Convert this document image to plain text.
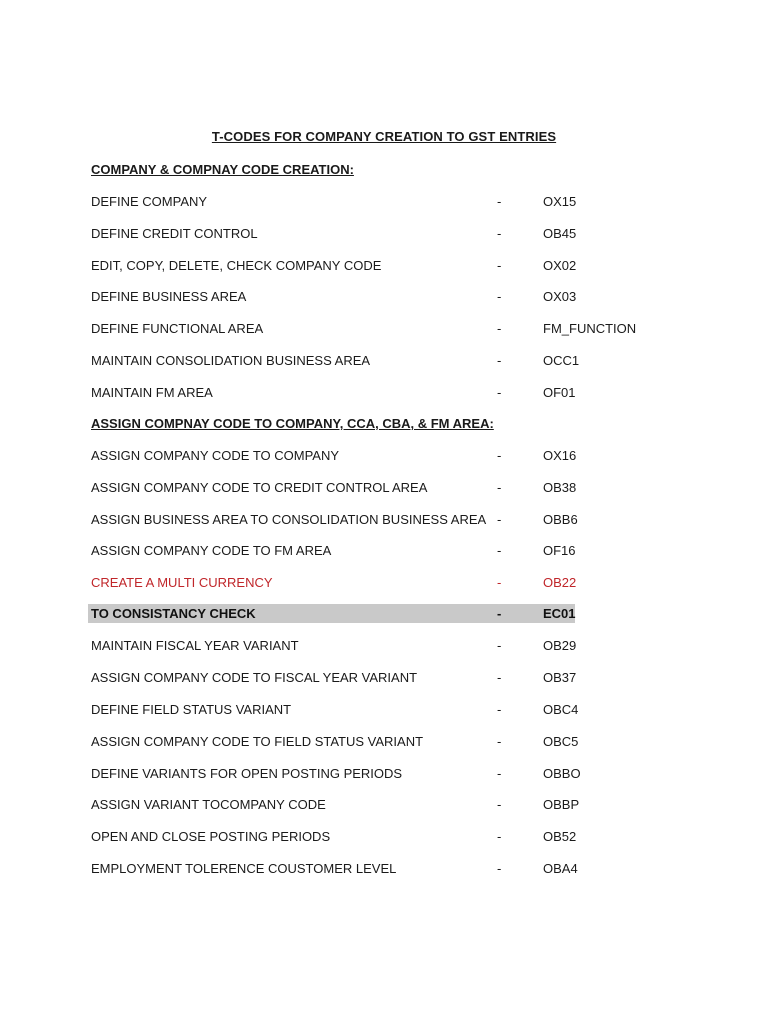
T-CODES FOR COMPANY CREATION TO GST ENTRIES
COMPANY & COMPNAY CODE CREATION:
DEFINE COMPANY	-	OX15
DEFINE CREDIT CONTROL	-	OB45
EDIT, COPY, DELETE, CHECK COMPANY CODE	-	OX02
DEFINE BUSINESS AREA	-	OX03
DEFINE FUNCTIONAL AREA	-	FM_FUNCTION
MAINTAIN CONSOLIDATION BUSINESS AREA	-	OCC1
MAINTAIN FM AREA	-	OF01
ASSIGN COMPNAY CODE TO COMPANY, CCA, CBA, & FM AREA:
ASSIGN COMPANY CODE TO COMPANY	-	OX16
ASSIGN COMPANY CODE TO CREDIT CONTROL AREA	-	OB38
ASSIGN BUSINESS AREA TO CONSOLIDATION BUSINESS AREA -	OBB6
ASSIGN COMPANY CODE TO FM AREA	-	OF16
CREATE A MULTI CURRENCY	-	OB22
TO CONSISTANCY CHECK	-	EC01
MAINTAIN FISCAL YEAR VARIANT	-	OB29
ASSIGN COMPANY CODE TO FISCAL YEAR VARIANT	-	OB37
DEFINE FIELD STATUS VARIANT	-	OBC4
ASSIGN COMPANY CODE TO FIELD STATUS VARIANT	-	OBC5
DEFINE VARIANTS FOR OPEN POSTING PERIODS	-	OBBO
ASSIGN VARIANT TOCOMPANY CODE	-	OBBP
OPEN AND CLOSE POSTING PERIODS	-	OB52
EMPLOYMENT TOLERENCE COUSTOMER LEVEL	-	OBA4
